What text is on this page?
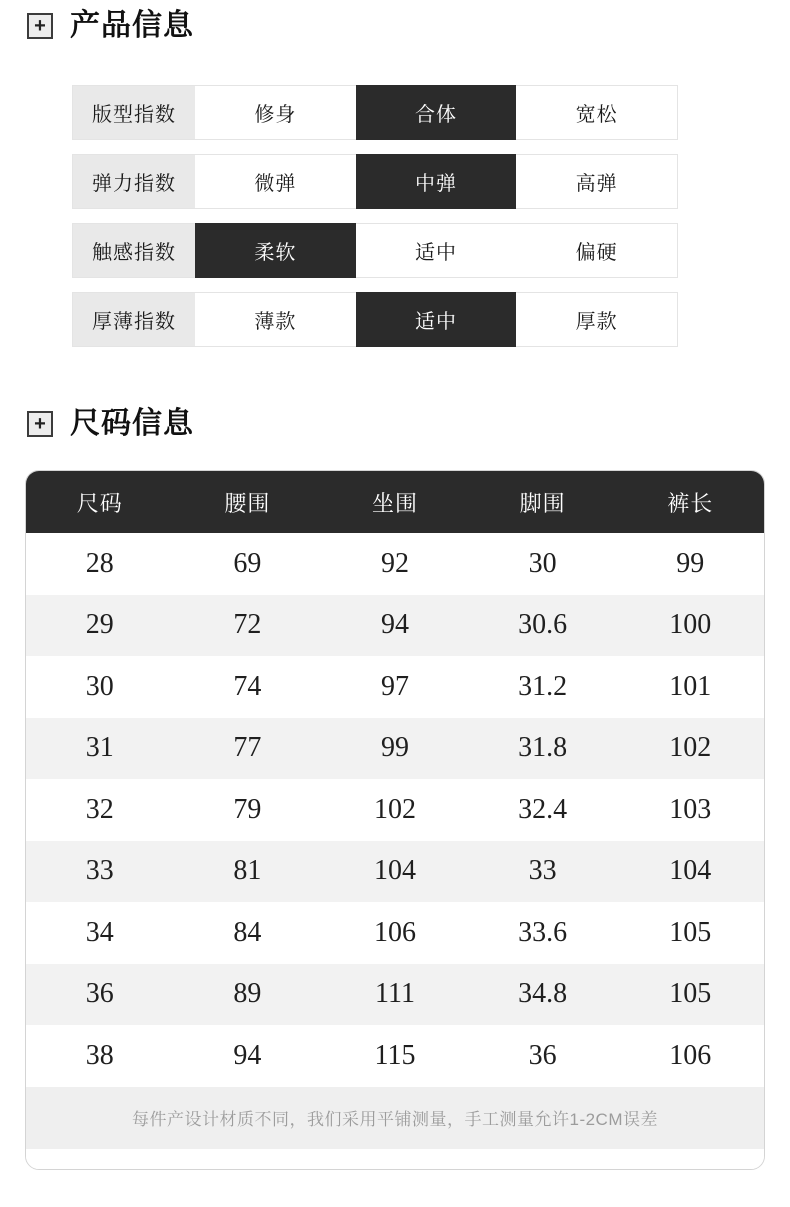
+ 产品信息
版型指数	修身	合体	宽松
弹力指数	微弹	中弹	高弹
触感指数	柔软	适中	偏硬
厚薄指数	薄款	适中	厚款
+ 尺码信息
尺码	腰围	坐围	脚围	裤长
28	69	92	30	99
29	72	94	30.6	100
30	74	97	31.2	101
31	77	99	31.8	102
32	79	102	32.4	103
33	81	104	33	104
34	84	106	33.6	105
36	89	111	34.8	105
38	94	115	36	106
每件产设计材质不同，我们采用平铺测量，手工测量允许1-2CM误差
